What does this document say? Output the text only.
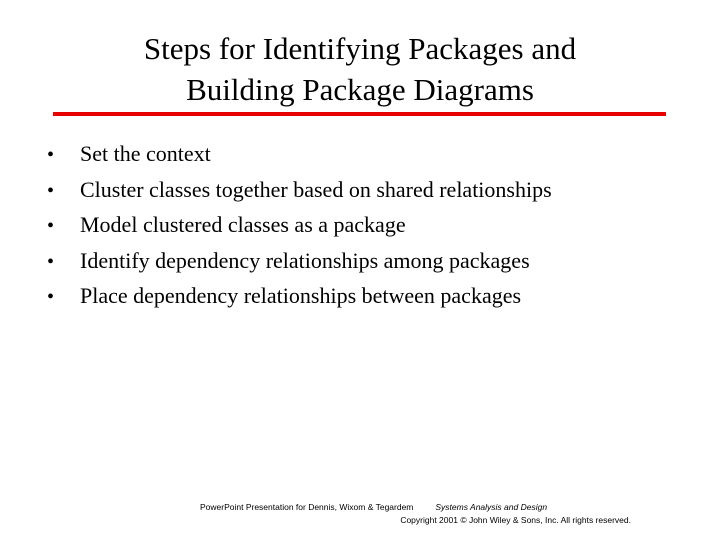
Steps for Identifying Packages and
Building Package Diagrams
•	Set the context
•	Cluster classes together based on shared relationships
•	Model clustered classes as a package
•	Identify dependency relationships among packages
•	Place dependency relationships between packages
PowerPoint Presentation for Dennis, Wixom & Tegardem	Systems Analysis and Design
Copyright 2001 © John Wiley & Sons, Inc. All rights reserved.
